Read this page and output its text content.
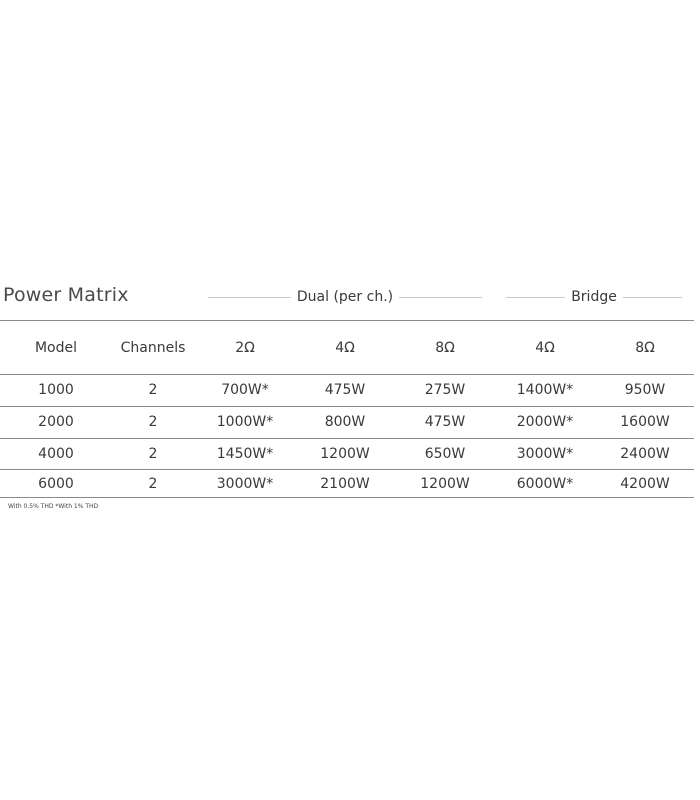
Power Matrix	Dual (per ch.)	Bridge
Model	Channels	2Ω	4Ω	8Ω	4Ω	8Ω
1000	2	700W*	475W	275W	1400W*	950W
2000	2	1000W*	800W	475W	2000W*	1600W
4000	2	1450W*	1200W	650W	3000W*	2400W
6000	2	3000W*	2100W	1200W	6000W*	4200W
With 0.5% THD *With 1% THD
